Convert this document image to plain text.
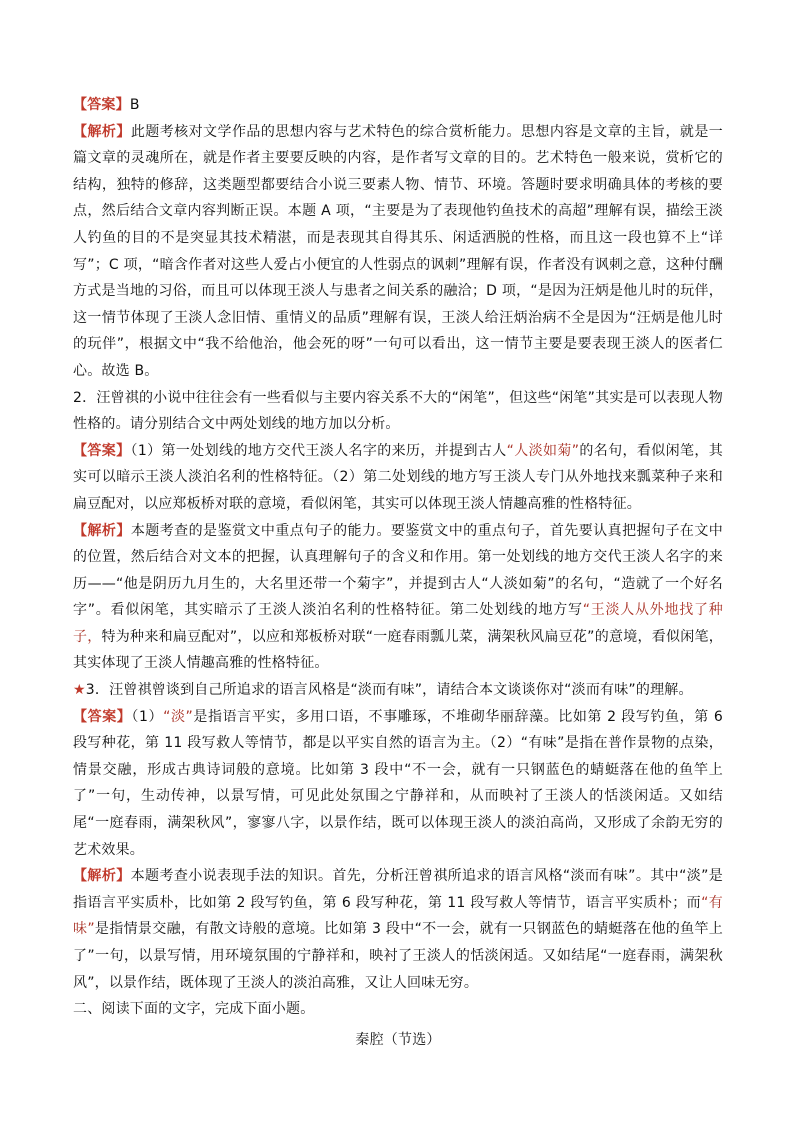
【答案】B

【解析】此题考核对文学作品的思想内容与艺术特色的综合赏析能力。思想内容是文章的主旨，就是一篇文章的灵魂所在，就是作者主要要反映的内容，是作者写文章的目的。艺术特色一般来说，赏析它的结构，独特的修辞，这类题型都要结合小说三要素人物、情节、环境。答题时要求明确具体的考核的要点，然后结合文章内容判断正误。本题 A 项，“主要是为了表现他钓鱼技术的高超”理解有误，描绘王淡人钓鱼的目的不是突显其技术精湛，而是表现其自得其乐、闲适洒脱的性格，而且这一段也算不上“详写”；C 项，“暗含作者对这些人爱占小便宜的人性弱点的讽刺”理解有误，作者没有讽刺之意，这种付酬方式是当地的习俗，而且可以体现王淡人与患者之间关系的融洽；D 项，“是因为汪炳是他儿时的玩伴，这一情节体现了王淡人念旧情、重情义的品质”理解有误，王淡人给汪炳治病不全是因为“汪炳是他儿时的玩伴”，根据文中“我不给他治，他会死的呀”一句可以看出，这一情节主要是要表现王淡人的医者仁心。故选 B。

2．汪曾祺的小说中往往会有一些看似与主要内容关系不大的“闲笔”，但这些“闲笔”其实是可以表现人物性格的。请分别结合文中两处划线的地方加以分析。

【答案】（1）第一处划线的地方交代王淡人名字的来历，并提到古人“人淡如菊”的名句，看似闲笔，其实可以暗示王淡人淡泊名利的性格特征。（2）第二处划线的地方写王淡人专门从外地找来瓢菜种子来和扁豆配对，以应郑板桥对联的意境，看似闲笔，其实可以体现王淡人情趣高雅的性格特征。

【解析】本题考查的是鉴赏文中重点句子的能力。要鉴赏文中的重点句子，首先要认真把握句子在文中的位置，然后结合对文本的把握，认真理解句子的含义和作用。第一处划线的地方交代王淡人名字的来历——“他是阴历九月生的，大名里还带一个菊字”，并提到古人“人淡如菊”的名句，“造就了一个好名字”。看似闲笔，其实暗示了王淡人淡泊名利的性格特征。第二处划线的地方写“王淡人从外地找了种子，特为种来和扁豆配对”，以应和郑板桥对联“一庭春雨瓢儿菜，满架秋风扁豆花”的意境，看似闲笔，其实体现了王淡人情趣高雅的性格特征。

★3．汪曾祺曾谈到自己所追求的语言风格是“淡而有味”，请结合本文谈谈你对“淡而有味”的理解。

【答案】（1）“淡”是指语言平实，多用口语，不事雕琢，不堆砌华丽辞藻。比如第 2 段写钓鱼，第 6 段写种花，第 11 段写救人等情节，都是以平实自然的语言为主。（2）“有味”是指在普作景物的点染，情景交融，形成古典诗词般的意境。比如第 3 段中“不一会，就有一只钢蓝色的蜻蜓落在他的鱼竿上了”一句，生动传神，以景写情，可见此处氛围之宁静祥和，从而映衬了王淡人的恬淡闲适。又如结尾“一庭春雨，满架秋风”，寥寥八字，以景作结，既可以体现王淡人的淡泊高尚，又形成了余韵无穷的艺术效果。

【解析】本题考查小说表现手法的知识。首先，分析汪曾祺所追求的语言风格“淡而有味”。其中“淡”是指语言平实质朴，比如第 2 段写钓鱼，第 6 段写种花，第 11 段写救人等情节，语言平实质朴；而“有味”是指情景交融，有散文诗般的意境。比如第 3 段中“不一会，就有一只钢蓝色的蜻蜓落在他的鱼竿上了”一句，以景写情，用环境氛围的宁静祥和，映衬了王淡人的恬淡闲适。又如结尾“一庭春雨，满架秋风”，以景作结，既体现了王淡人的淡泊高雅，又让人回味无穷。

二、阅读下面的文字，完成下面小题。

秦腔（节选）
